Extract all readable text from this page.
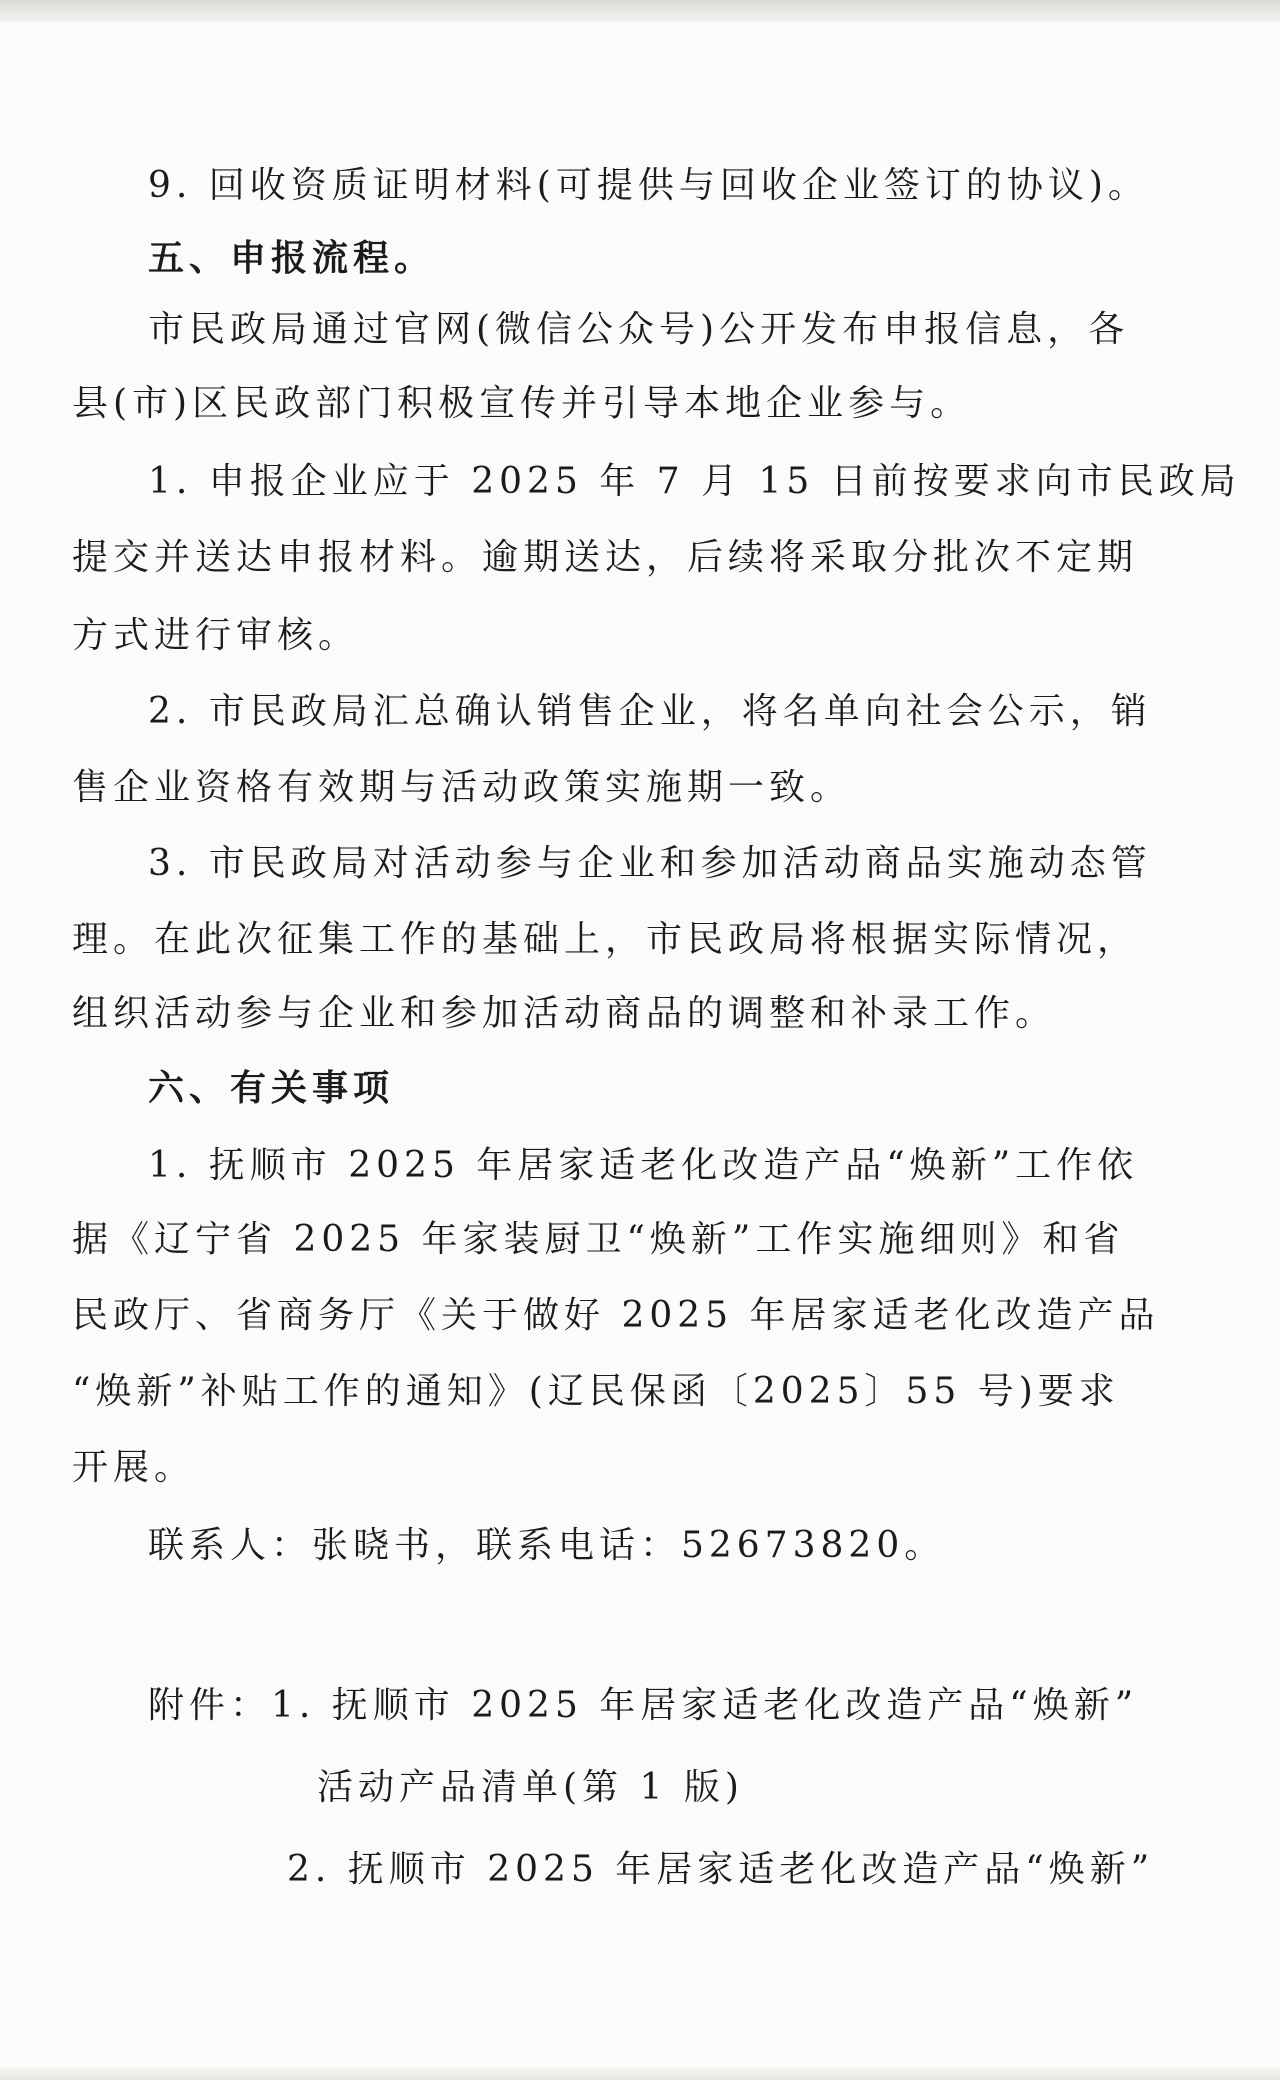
9. 回收资质证明材料(可提供与回收企业签订的协议)。
五、申报流程。
市民政局通过官网(微信公众号)公开发布申报信息，各
县(市)区民政部门积极宣传并引导本地企业参与。
1. 申报企业应于 2025 年 7 月 15 日前按要求向市民政局
提交并送达申报材料。逾期送达，后续将采取分批次不定期
方式进行审核。
2. 市民政局汇总确认销售企业，将名单向社会公示，销
售企业资格有效期与活动政策实施期一致。
3. 市民政局对活动参与企业和参加活动商品实施动态管
理。在此次征集工作的基础上，市民政局将根据实际情况，
组织活动参与企业和参加活动商品的调整和补录工作。
六、有关事项
1. 抚顺市 2025 年居家适老化改造产品“焕新”工作依
据《辽宁省 2025 年家装厨卫“焕新”工作实施细则》和省
民政厅、省商务厅《关于做好 2025 年居家适老化改造产品
“焕新”补贴工作的通知》(辽民保函〔2025〕55 号)要求
开展。
联系人：张晓书，联系电话：52673820。
附件：1. 抚顺市 2025 年居家适老化改造产品“焕新”
活动产品清单(第 1 版)
2. 抚顺市 2025 年居家适老化改造产品“焕新”
